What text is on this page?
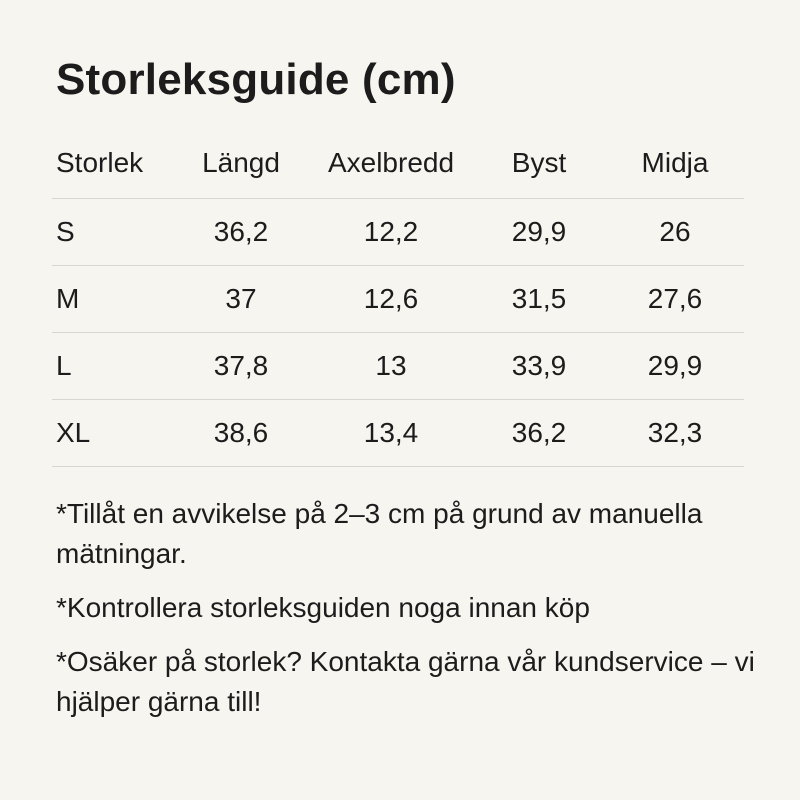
Storleksguide (cm)
Storlek	Längd	Axelbredd	Byst	Midja
S	36,2	12,2	29,9	26
M	37	12,6	31,5	27,6
L	37,8	13	33,9	29,9
XL	38,6	13,4	36,2	32,3

*Tillåt en avvikelse på 2–3 cm på grund av manuella mätningar.

*Kontrollera storleksguiden noga innan köp

*Osäker på storlek? Kontakta gärna vår kundservice – vi hjälper gärna till!
